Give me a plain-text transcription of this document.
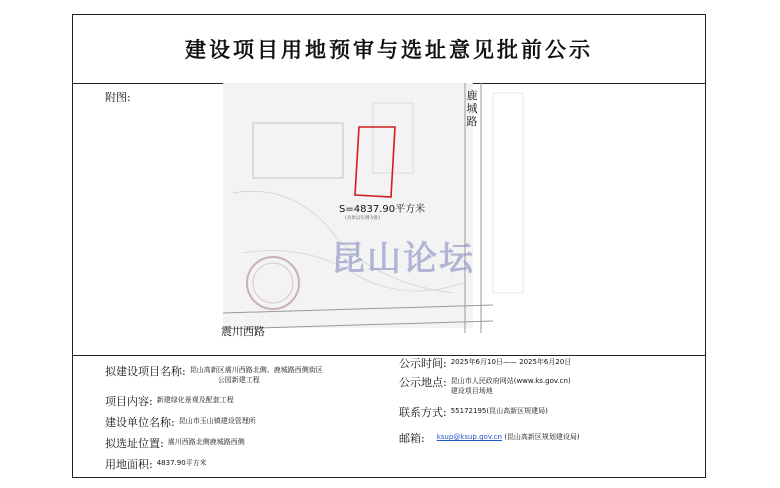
建设项目用地预审与选址意见批前公示
附图:	鹿
城
路
震川西路
S=4837.90平方米
(具体以实测为准)
昆山论坛
拟建设项目名称: 昆山高新区震川西路北侧、鹿城路西侧街区
公园新建工程
项目内容: 新建绿化景观及配套工程
建设单位名称: 昆山市玉山镇建设管理所
拟选址位置: 震川西路北侧鹿城路西侧
用地面积: 4837.90平方米
公示时间: 2025年6月10日—— 2025年6月20日
公示地点: 昆山市人民政府网站(www.ks.gov.cn)
建设项目场地
联系方式: 55172195(昆山高新区规建局)
邮箱: ksup@ksup.gov.cn (昆山高新区规划建设局)
